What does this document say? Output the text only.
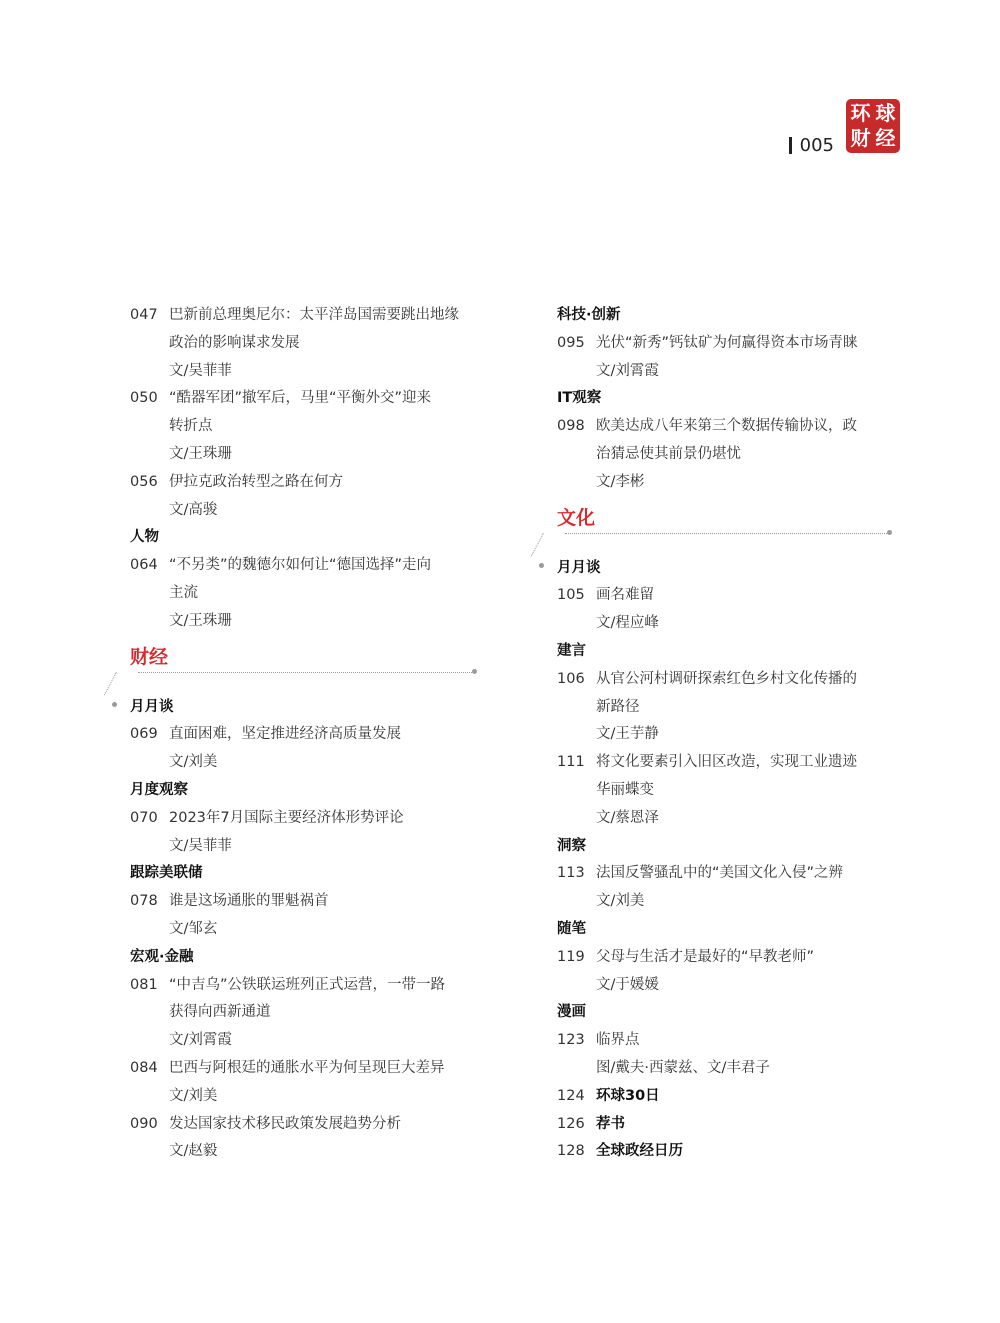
005
环 球
财 经
047 巴新前总理奥尼尔：太平洋岛国需要跳出地缘
政治的影响谋求发展
文/吴菲菲
050 “酷器军团”撤军后，马里“平衡外交”迎来
转折点
文/王珠珊
056 伊拉克政治转型之路在何方
文/高骏
人物
064 “不另类”的魏德尔如何让“德国选择”走向
主流
文/王珠珊
财经
月月谈
069 直面困难，坚定推进经济高质量发展
文/刘美
月度观察
070 2023年7月国际主要经济体形势评论
文/吴菲菲
跟踪美联储
078 谁是这场通胀的罪魁祸首
文/邹玄
宏观·金融
081 “中吉乌”公铁联运班列正式运营，一带一路
获得向西新通道
文/刘霄霞
084 巴西与阿根廷的通胀水平为何呈现巨大差异
文/刘美
090 发达国家技术移民政策发展趋势分析
文/赵毅
科技·创新
095 光伏“新秀”钙钛矿为何赢得资本市场青睐
文/刘霄霞
IT观察
098 欧美达成八年来第三个数据传输协议，政
治猜忌使其前景仍堪忧
文/李彬
文化
月月谈
105 画名难留
文/程应峰
建言
106 从官公河村调研探索红色乡村文化传播的
新路径
文/王芋静
111 将文化要素引入旧区改造，实现工业遗迹
华丽蝶变
文/蔡恩泽
洞察
113 法国反警骚乱中的“美国文化入侵”之辨
文/刘美
随笔
119 父母与生活才是最好的“早教老师”
文/于媛媛
漫画
123 临界点
图/戴夫·西蒙兹、文/丰君子
124 环球30日
126 荐书
128 全球政经日历
